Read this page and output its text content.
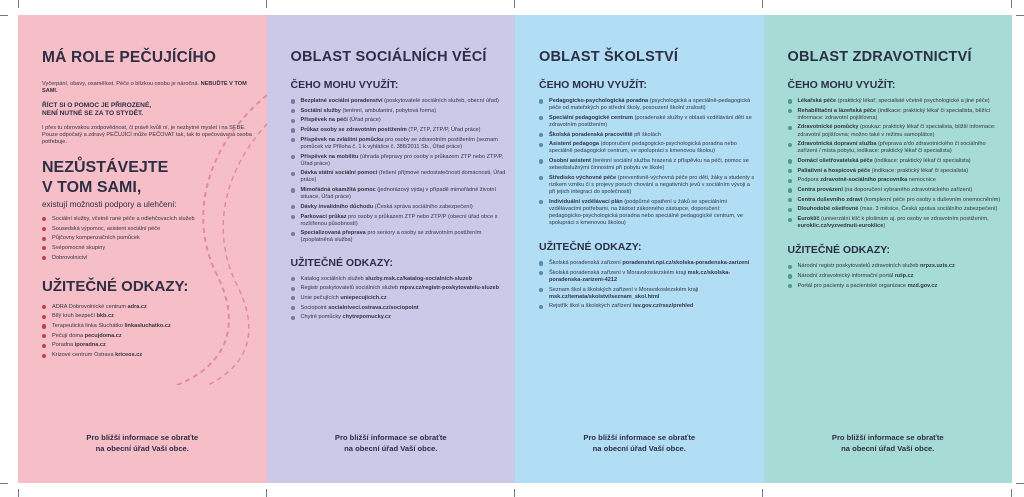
MÁ ROLE PEČUJÍCÍHO

Vyčerpání, obavy, osamělost. Péče o blízkou osobu je náročná. NEBUĎTE V TOM SAMI.

ŘÍCT SI O POMOC JE PŘIROZENÉ,
NENÍ NUTNÉ SE ZA TO STYDĚT.

I přes tu obrovskou zodpovědnost, či právě kvůli ní, je nezbytné myslet i na SEBE. Pouze odpočatý a zdravý PEČUJÍCÍ může PEČOVAT tak, tak to opečovávaná osoba potřebuje.

NEZŮSTÁVEJTE
V TOM SAMI,
existují možnosti podpory a ulehčení:
Sociální služby, včetně rané péče a odlehčovacích služeb
Sousedská výpomoc, asistent sociální péče
Půjčovny kompenzačních pomůcek
Svépomocné skupiny
Dobrovolnictví
UŽITEČNÉ ODKAZY:
ADRA Dobrovolnické centrum adra.cz
Bílý kruh bezpečí bkb.cz
Terapeutická linka Sluchátko linkasluchatko.cz
Pečují doma pecujdoma.cz
Poradna iporadna.cz
Krizové centrum Ostrava kriceos.cz
Pro bližší informace se obraťte
na obecní úřad Vaší obce.
OBLAST SOCIÁLNÍCH VĚCÍ
ČEHO MOHU VYUŽÍT:
Bezplatné sociální poradenství (poskytovatelé sociálních služeb, obecní úřad)
Sociální služby (terénní, ambulantní, pobytová forma)
Příspěvek na péči (Úřad práce)
Průkaz osoby se zdravotním postižením (TP, ZTP, ZTP/P, Úřad práce)
Příspěvek na zvláštní pomůcku pro osoby se zdravotním postižením (seznam pomůcek viz Příloha č. 1 k vyhlášce č. 388/2011 Sb., Úřad práce)
Příspěvek na mobilitu (úhrada přepravy pro osoby s průkazem ZTP nebo ZTP/P, Úřad práce)
Dávka státní sociální pomoci (řešení příjmové nedostatečnosti domácnosti, Úřad práce)
Mimořádná okamžitá pomoc (jednorázový výdaj v případě mimořádné životní situace, Úřad práce)
Dávky invalidního důchodu (Česká správa sociálního zabezpečení)
Parkovací průkaz pro osoby s průkazem ZTP nebo ZTP/P (obecní úřad obce s rozšířenou působností)
Specializovaná přeprava pro seniory a osoby se zdravotním postižením (zpoplatněná služba)
UŽITEČNÉ ODKAZY:
Katalog sociálních služeb sluzby.msk.cz/katalog-socialnich-sluzeb
Registr poskytovatelů sociálních služeb mpsv.cz/registr-poskytovatelu-sluzeb
Unie pečujících uniepecujicich.cz
Sociopoint socialniveci.ostrava.cz/sociopoint
Chytré pomůcky chytrepomucky.cz
Pro bližší informace se obraťte
na obecní úřad Vaší obce.
OBLAST ŠKOLSTVÍ
ČEHO MOHU VYUŽÍT:
Pedagogicko-psychologická poradna (psychologická a speciálně-pedagogická péče od mateřských po střední školy, posouzení školní zralosti)
Speciální pedagogické centrum (poradenské služby v oblasti vzdělávání dětí se zdravotním postižením)
Školská poradenská pracoviště při školách
Asistent pedagoga (doporučení pedagogicko-psychologická poradna nebo speciálně pedagogické centrum, ve spolupráci s kmenovou školou)
Osobní asistent (terénní sociální služba hrazená z příspěvku na péči, pomoc se sebeobslužnými činnostmi při pobytu ve škole)
Středisko výchovné péče (preventivně-výchovná péče pro děti, žáky a studenty s rizikem vzniku či s projevy poruch chování a negativních jevů v sociálním vývoji a při jejich integraci do společnosti)
Individuální vzdělávací plán (podpůrné opatření u žáků se speciálními vzdělávacími potřebami, na žádost zákonného zástupce, doporučení: pedagogicko-psychologická poradna nebo speciálně pedagogické centrum, ve spolupráci s kmenovou školou)
UŽITEČNÉ ODKAZY:
Školská poradenská zařízení poradenstvi.npi.cz/skolska-poradenska-zarizeni
Školská poradenská zařízení v Moravskoslezském kraji msk.cz/skolska-poradenska-zarizeni-4212
Seznam škol a školských zařízení v Moravskoslezském kraji msk.cz/temata/skolstvi/seznam_skol.html
Rejstřík škol a školských zařízení isv.gov.cz/rssz/prehled
Pro bližší informace se obraťte
na obecní úřad Vaší obce.
OBLAST ZDRAVOTNICTVÍ
ČEHO MOHU VYUŽÍT:
Lékařská péče (praktický lékař, specialisté včetně psychologické a jiné péče)
Rehabilitační a lázeňská péče (indikace: praktický lékař či specialista, běžící informace: zdravotní pojišťovna)
Zdravotnické pomůcky (poukaz: praktický lékař či specialista, bližší informace: zdravotní pojišťovna; možno také v režimu samoplátce)
Zdravotnická dopravní služba (přeprava z/do zdravotnického či sociálního zařízení / místa pobytu, indikace: praktický lékař či specialista)
Domácí ošetřovatelská péče (indikace: praktický lékař či specialista)
Paliativní a hospicová péče (indikace: praktický lékař či specialista)
Podpora zdravotně-sociálního pracovníka nemocnice
Centra provázení (na doporučení vybraného zdravotnického zařízení)
Centra duševního zdraví (komplexní péče pro osoby s duševním onemocněním)
Dlouhodobé ošetřovné (max. 3 měsíce, Česká správa sociálního zabezpečení)
Euroklíč (univerzální klíč k plošinám aj. pro osoby se zdravotním postižením, euroklic.cz/vyzvednuti-euroklice)
UŽITEČNÉ ODKAZY:
Národní registr poskytovatelů zdravotních služeb nrpzs.uzis.cz
Národní zdravotnický informační portál nzip.cz
Portál pro pacienty a pacientské organizace mzd.gov.cz
Pro bližší informace se obraťte
na obecní úřad Vaší obce.
